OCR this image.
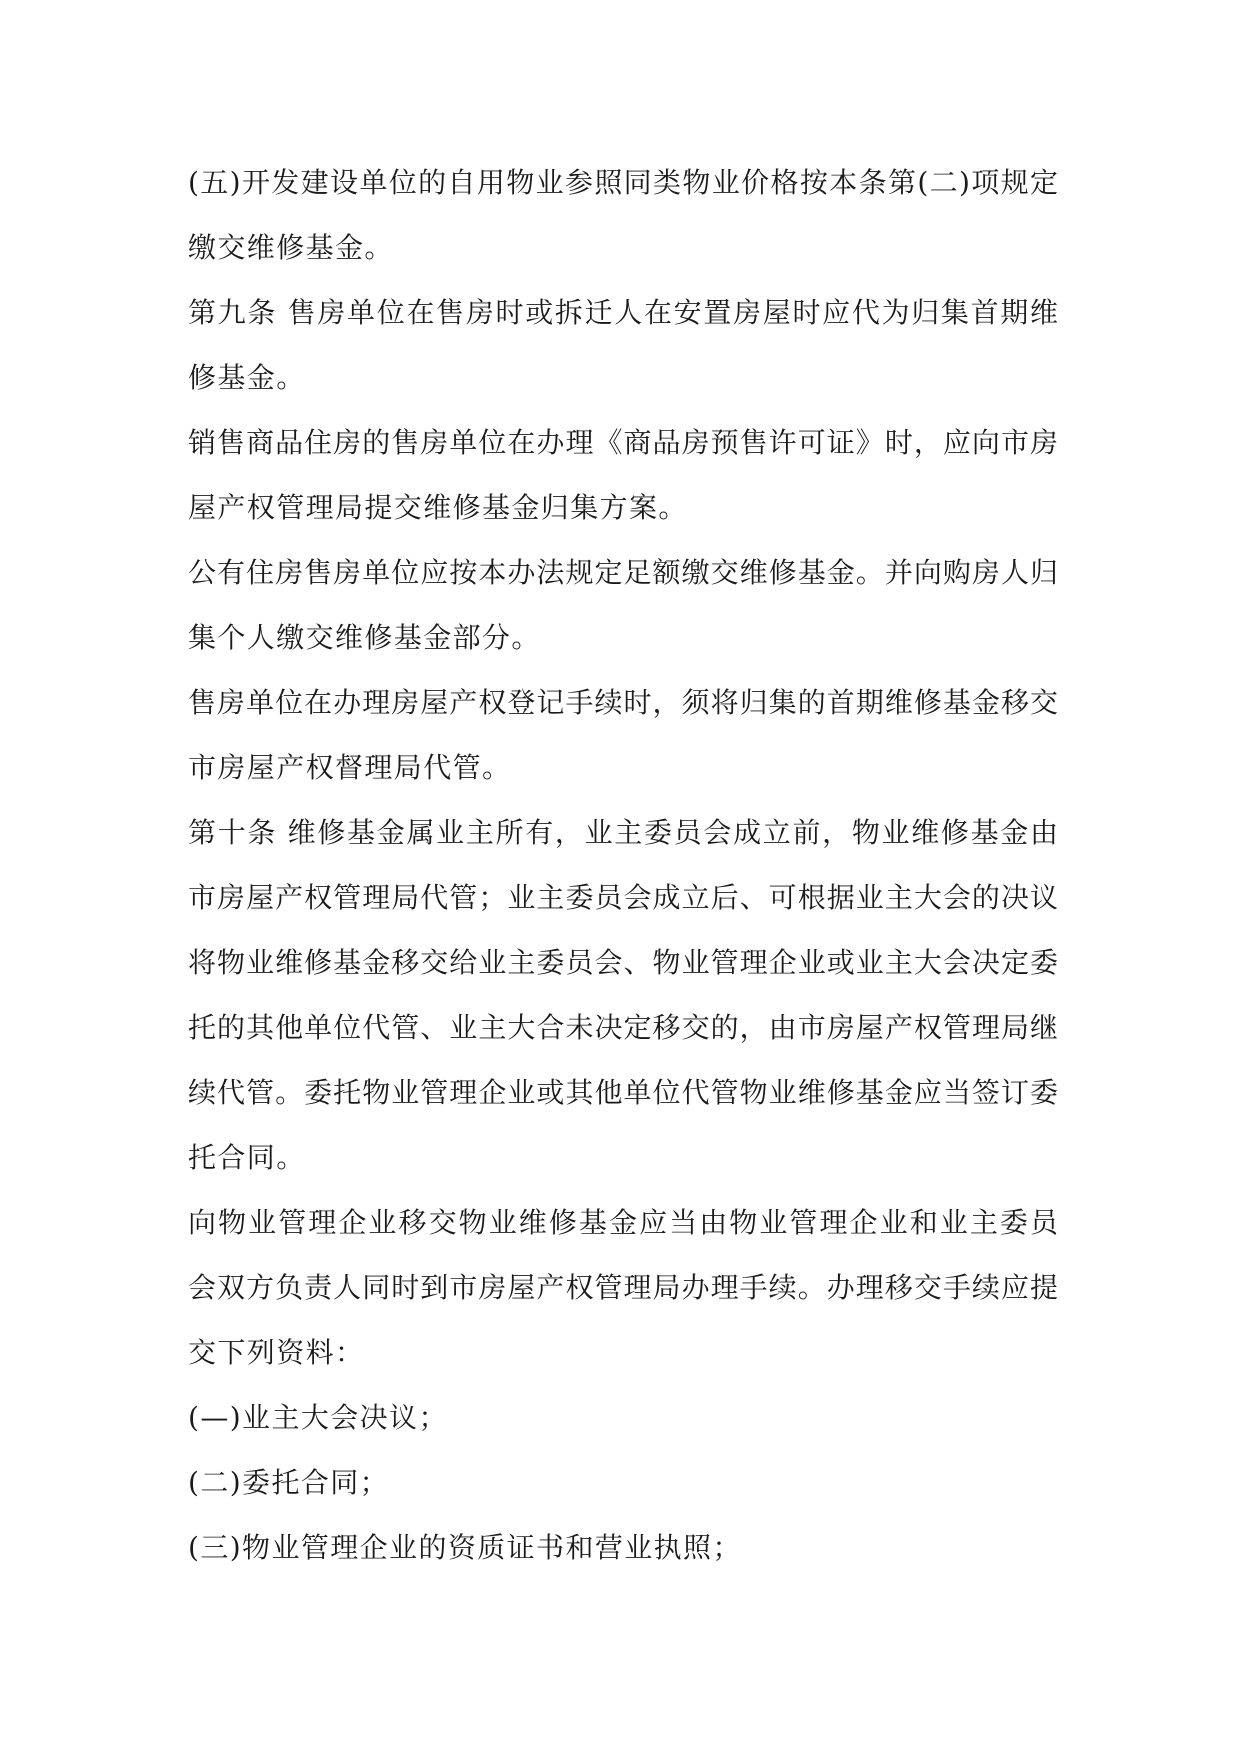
(五)开发建设单位的自用物业参照同类物业价格按本条第(二)项规定
缴交维修基金。
第九条 售房单位在售房时或拆迁人在安置房屋时应代为归集首期维
修基金。
销售商品住房的售房单位在办理《商品房预售许可证》时，应向市房
屋产权管理局提交维修基金归集方案。
公有住房售房单位应按本办法规定足额缴交维修基金。并向购房人归
集个人缴交维修基金部分。
售房单位在办理房屋产权登记手续时，须将归集的首期维修基金移交
市房屋产权督理局代管。
第十条 维修基金属业主所有，业主委员会成立前，物业维修基金由
市房屋产权管理局代管；业主委员会成立后、可根据业主大会的决议
将物业维修基金移交给业主委员会、物业管理企业或业主大会决定委
托的其他单位代管、业主大合未决定移交的，由市房屋产权管理局继
续代管。委托物业管理企业或其他单位代管物业维修基金应当签订委
托合同。
向物业管理企业移交物业维修基金应当由物业管理企业和业主委员
会双方负责人同时到市房屋产权管理局办理手续。办理移交手续应提
交下列资料：
(—)业主大会决议；
(二)委托合同；
(三)物业管理企业的资质证书和营业执照；
